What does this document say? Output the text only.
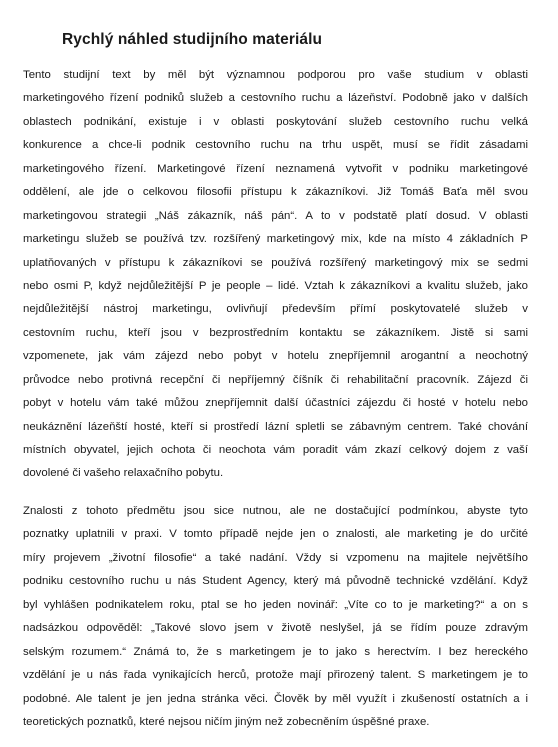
Rychlý náhled studijního materiálu
Tento studijní text by měl být významnou podporou pro vaše studium v oblasti
marketingového řízení podniků služeb a cestovního ruchu a lázeňství. Podobně jako v dalších
oblastech podnikání, existuje i v oblasti poskytování služeb cestovního ruchu velká
konkurence a chce-li podnik cestovního ruchu na trhu uspět, musí se řídit zásadami
marketingového řízení. Marketingové řízení neznamená vytvořit v podniku marketingové
oddělení, ale jde o celkovou filosofii přístupu k zákazníkovi. Již Tomáš Baťa měl svou
marketingovou strategii „Náš zákazník, náš pán“. A to v podstatě platí dosud. V oblasti
marketingu služeb se používá tzv. rozšířený marketingový mix, kde na místo 4 základních P
uplatňovaných v přístupu k zákazníkovi se používá rozšířený marketingový mix se sedmi
nebo osmi P, když nejdůležitější P je people – lidé. Vztah k zákazníkovi a kvalitu služeb, jako
nejdůležitější nástroj marketingu, ovlivňují především přímí poskytovatelé služeb v
cestovním ruchu, kteří jsou v bezprostředním kontaktu se zákazníkem. Jistě si sami
vzpomenete, jak vám zájezd nebo pobyt v hotelu znepříjemnil arogantní a neochotný
průvodce nebo protivná recepční či nepříjemný číšník či rehabilitační pracovník. Zájezd či
pobyt v hotelu vám také můžou znepříjemnit další účastníci zájezdu či hosté v hotelu nebo
neukáznění lázeňští hosté, kteří si prostředí lázní spletli se zábavným centrem. Také chování
místních obyvatel, jejich ochota či neochota vám poradit vám zkazí celkový dojem z vaší
dovolené či vašeho relaxačního pobytu.
Znalosti z tohoto předmětu jsou sice nutnou, ale ne dostačující podmínkou, abyste tyto
poznatky uplatnili v praxi. V tomto případě nejde jen o znalosti, ale marketing je do určité
míry projevem „životní filosofie“ a také nadání. Vždy si vzpomenu na majitele největšího
podniku cestovního ruchu u nás Student Agency, který má původně technické vzdělání. Když
byl vyhlášen podnikatelem roku, ptal se ho jeden novinář: „Víte co to je marketing?“ a on s
nadsázkou odpověděl: „Takové slovo jsem v životě neslyšel, já se řídím pouze zdravým
selským rozumem.“ Známá to, že s marketingem je to jako s herectvím. I bez hereckého
vzdělání je u nás řada vynikajících herců, protože mají přirozený talent. S marketingem je to
podobné. Ale talent je jen jedna stránka věci. Člověk by měl využít i zkušeností ostatních a i
teoretických poznatků, které nejsou ničím jiným než zobecněním úspěšné praxe.
